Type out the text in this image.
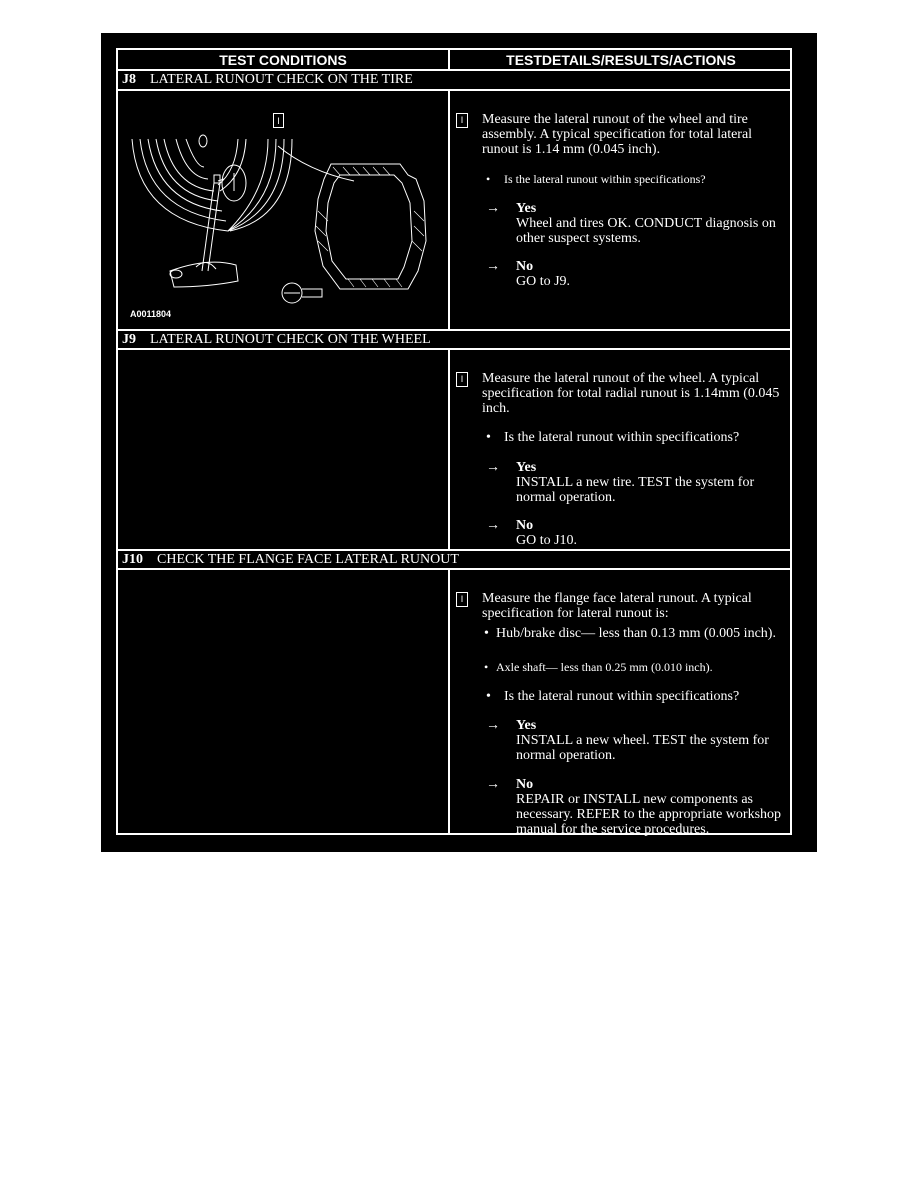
TEST CONDITIONS	TESTDETAILS/RESULTS/ACTIONS
J8 LATERAL RUNOUT CHECK ON THE TIRE
I
A0011804
I	Measure the lateral runout of the wheel and tire assembly. A typical specification for total lateral runout is 1.14 mm (0.045 inch).
• Is the lateral runout within specifications?
→	Yes
Wheel and tires OK. CONDUCT diagnosis on other suspect systems.
→	No
GO to J9.
J9 LATERAL RUNOUT CHECK ON THE WHEEL
I	Measure the lateral runout of the wheel. A typical specification for total radial runout is 1.14mm (0.045 inch.
• Is the lateral runout within specifications?
→	Yes
INSTALL a new tire. TEST the system for normal operation.
→	No
GO to J10.
J10 CHECK THE FLANGE FACE LATERAL RUNOUT
I	Measure the flange face lateral runout. A typical specification for lateral runout is:
• Hub/brake disc— less than 0.13 mm (0.005 inch).
• Axle shaft— less than 0.25 mm (0.010 inch).
• Is the lateral runout within specifications?
→	Yes
INSTALL a new wheel. TEST the system for normal operation.
→	No
REPAIR or INSTALL new components as necessary. REFER to the appropriate workshop manual for the service procedures.
